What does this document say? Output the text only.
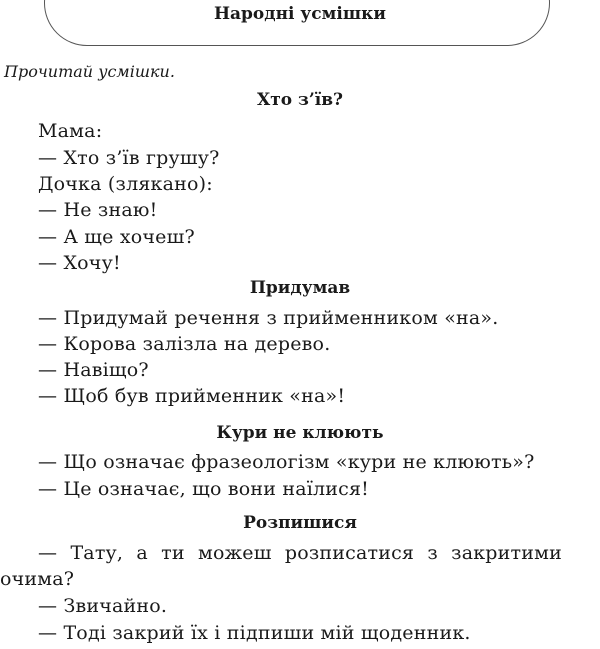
Народні усмішки
Прочитай усмішки.
Хто з’їв?
Мама:
— Хто з’їв грушу?
Дочка (злякано):
— Не знаю!
— А ще хочеш?
— Хочу!
Придумав
— Придумай речення з прийменником «на».
— Корова залізла на дерево.
— Навіщо?
— Щоб був прийменник «на»!
Кури не клюють
— Що означає фразеологізм «кури не клюють»?
— Це означає, що вони наїлися!
Розпишися
— Тату, а ти можеш розписатися з закритими
очима?
— Звичайно.
— Тоді закрий їх і підпиши мій щоденник.
